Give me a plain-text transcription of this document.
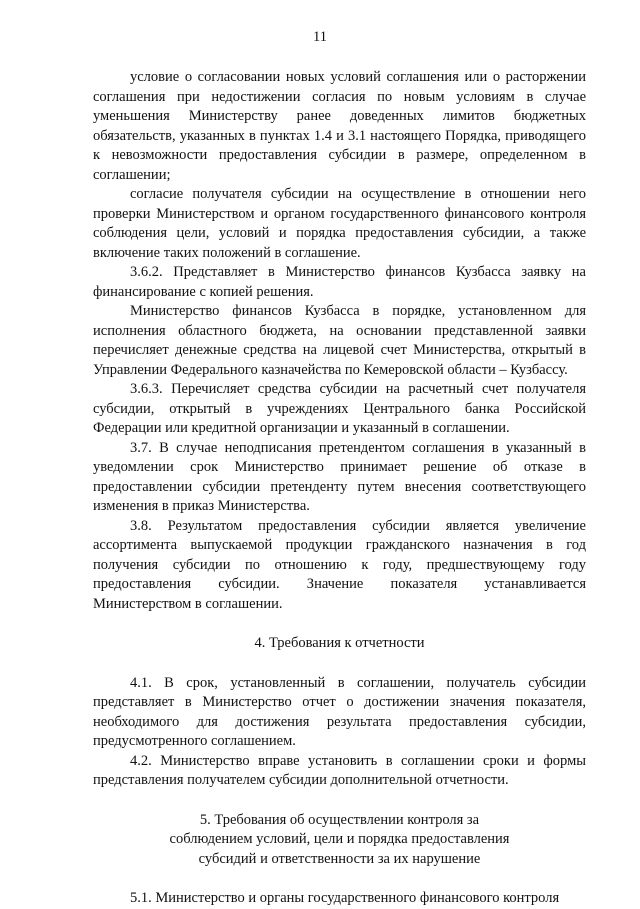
11

условие о согласовании новых условий соглашения или о расторжении соглашения при недостижении согласия по новым условиям в случае уменьшения Министерству ранее доведенных лимитов бюджетных обязательств, указанных в пунктах 1.4 и 3.1 настоящего Порядка, приводящего к невозможности предоставления субсидии в размере, определенном в соглашении;

согласие получателя субсидии на осуществление в отношении него проверки Министерством и органом государственного финансового контроля соблюдения цели, условий и порядка предоставления субсидии, а также включение таких положений в соглашение.

3.6.2. Представляет в Министерство финансов Кузбасса заявку на финансирование с копией решения.

Министерство финансов Кузбасса в порядке, установленном для исполнения областного бюджета, на основании представленной заявки перечисляет денежные средства на лицевой счет Министерства, открытый в Управлении Федерального казначейства по Кемеровской области – Кузбассу.

3.6.3. Перечисляет средства субсидии на расчетный счет получателя субсидии, открытый в учреждениях Центрального банка Российской Федерации или кредитной организации и указанный в соглашении.

3.7. В случае неподписания претендентом соглашения в указанный в уведомлении срок Министерство принимает решение об отказе в предоставлении субсидии претенденту путем внесения соответствующего изменения в приказ Министерства.

3.8. Результатом предоставления субсидии является увеличение ассортимента выпускаемой продукции гражданского назначения в год получения субсидии по отношению к году, предшествующему году предоставления субсидии. Значение показателя устанавливается Министерством в соглашении.

4. Требования к отчетности

4.1. В срок, установленный в соглашении, получатель субсидии представляет в Министерство отчет о достижении значения показателя, необходимого для достижения результата предоставления субсидии, предусмотренного соглашением.

4.2. Министерство вправе установить в соглашении сроки и формы представления получателем субсидии дополнительной отчетности.

5. Требования об осуществлении контроля за
соблюдением условий, цели и порядка предоставления
субсидий и ответственности за их нарушение

5.1. Министерство и органы государственного финансового контроля
